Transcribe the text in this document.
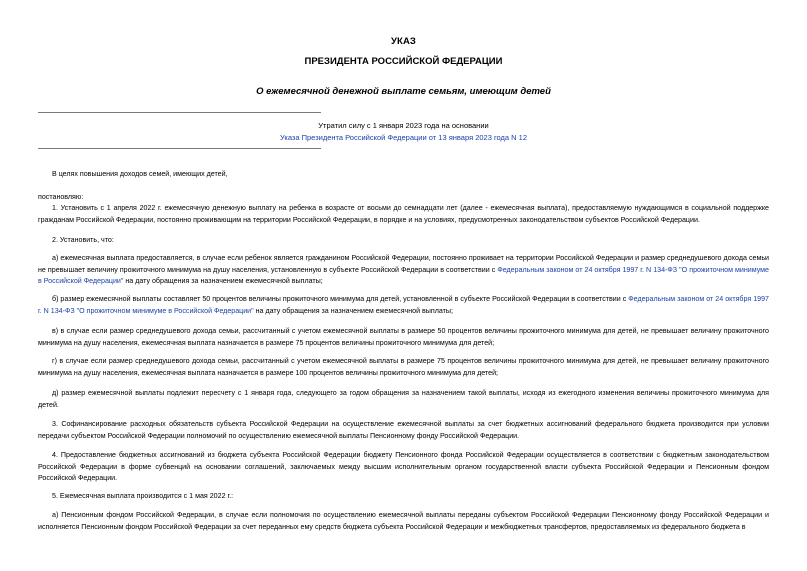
УКАЗ
ПРЕЗИДЕНТА РОССИЙСКОЙ ФЕДЕРАЦИИ
О ежемесячной денежной выплате семьям, имеющим детей
Утратил силу с 1 января 2023 года на основании
Указа Президента Российской Федерации от 13 января 2023 года N 12

В целях повышения доходов семей, имеющих детей,

постановляю:

1. Установить с 1 апреля 2022 г. ежемесячную денежную выплату на ребенка в возрасте от восьми до семнадцати лет (далее - ежемесячная выплата), предоставляемую нуждающимся в социальной поддержке гражданам Российской Федерации, постоянно проживающим на территории Российской Федерации, в порядке и на условиях, предусмотренных законодательством субъектов Российской Федерации.

2. Установить, что:

а) ежемесячная выплата предоставляется, в случае если ребенок является гражданином Российской Федерации, постоянно проживает на территории Российской Федерации и размер среднедушевого дохода семьи не превышает величину прожиточного минимума на душу населения, установленную в субъекте Российской Федерации в соответствии с Федеральным законом от 24 октября 1997 г. N 134-ФЗ "О прожиточном минимуме в Российской Федерации" на дату обращения за назначением ежемесячной выплаты;

б) размер ежемесячной выплаты составляет 50 процентов величины прожиточного минимума для детей, установленной в субъекте Российской Федерации в соответствии с Федеральным законом от 24 октября 1997 г. N 134-ФЗ "О прожиточном минимуме в Российской Федерации" на дату обращения за назначением ежемесячной выплаты;

в) в случае если размер среднедушевого дохода семьи, рассчитанный с учетом ежемесячной выплаты в размере 50 процентов величины прожиточного минимума для детей, не превышает величину прожиточного минимума на душу населения, ежемесячная выплата назначается в размере 75 процентов величины прожиточного минимума для детей;

г) в случае если размер среднедушевого дохода семьи, рассчитанный с учетом ежемесячной выплаты в размере 75 процентов величины прожиточного минимума для детей, не превышает величину прожиточного минимума на душу населения, ежемесячная выплата назначается в размере 100 процентов величины прожиточного минимума для детей;

д) размер ежемесячной выплаты подлежит пересчету с 1 января года, следующего за годом обращения за назначением такой выплаты, исходя из ежегодного изменения величины прожиточного минимума для детей.

3. Софинансирование расходных обязательств субъекта Российской Федерации на осуществление ежемесячной выплаты за счет бюджетных ассигнований федерального бюджета производится при условии передачи субъектом Российской Федерации полномочий по осуществлению ежемесячной выплаты Пенсионному фонду Российской Федерации.

4. Предоставление бюджетных ассигнований из бюджета субъекта Российской Федерации бюджету Пенсионного фонда Российской Федерации осуществляется в соответствии с бюджетным законодательством Российской Федерации в форме субвенций на основании соглашений, заключаемых между высшим исполнительным органом государственной власти субъекта Российской Федерации и Пенсионным фондом Российской Федерации.

5. Ежемесячная выплата производится с 1 мая 2022 г.:

а) Пенсионным фондом Российской Федерации, в случае если полномочия по осуществлению ежемесячной выплаты переданы субъектом Российской Федерации Пенсионному фонду Российской Федерации и исполняется Пенсионным фондом Российской Федерации за счет переданных ему средств бюджета субъекта Российской Федерации и межбюджетных трансфертов, предоставляемых из федерального бюджета в
